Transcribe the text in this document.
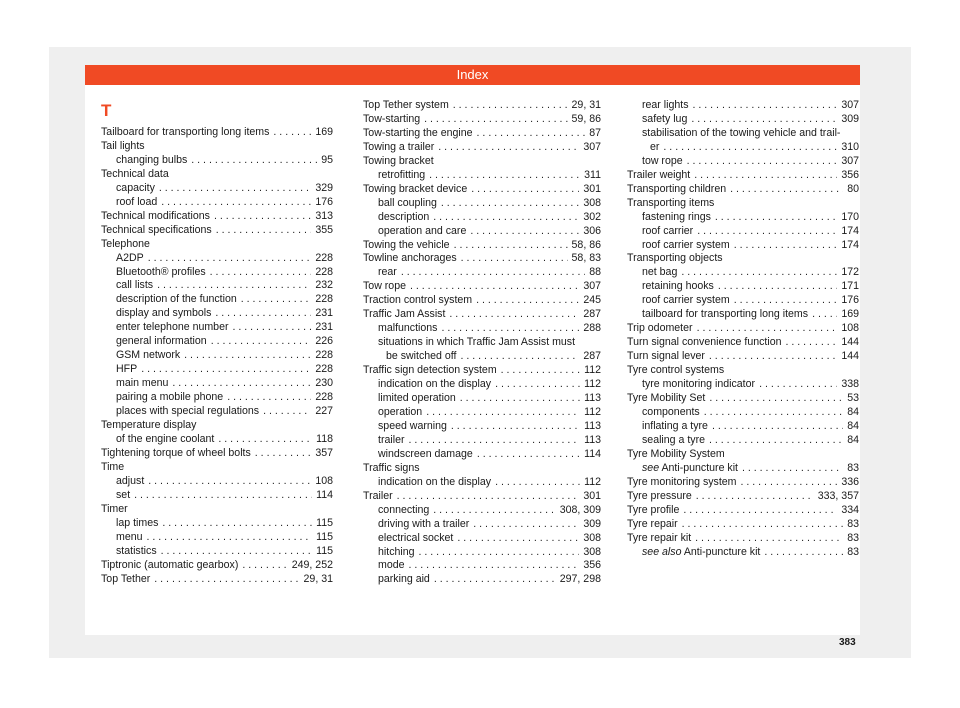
Index
T
Tailboard for transporting long items . . .	169
Tail lights
changing bulbs . . .	95
Technical data
capacity . . .	329
roof load . . .	176
Technical modifications . . .	313
Technical specifications . . .	355
Telephone
A2DP . . .	228
Bluetooth® profiles . . .	228
call lists . . .	232
description of the function . . .	228
display and symbols . . .	231
enter telephone number . . .	231
general information . . .	226
GSM network . . .	228
HFP . . .	228
main menu . . .	230
pairing a mobile phone . . .	228
places with special regulations . . .	227
Temperature display
of the engine coolant . . .	118
Tightening torque of wheel bolts . . .	357
Time
adjust . . .	108
set . . .	114
Timer
lap times . . .	115
menu . . .	115
statistics . . .	115
Tiptronic (automatic gearbox) . . .	249, 252
Top Tether . . .	29, 31
Top Tether system . . .	29, 31
Tow-starting . . .	59, 86
Tow-starting the engine . . .	87
Towing a trailer . . .	307
Towing bracket
retrofitting . . .	311
Towing bracket device . . .	301
ball coupling . . .	308
description . . .	302
operation and care . . .	306
Towing the vehicle . . .	58, 86
Towline anchorages . . .	58, 83
rear . . .	88
Tow rope . . .	307
Traction control system . . .	245
Traffic Jam Assist . . .	287
malfunctions . . .	288
situations in which Traffic Jam Assist must
be switched off . . .	287
Traffic sign detection system . . .	112
indication on the display . . .	112
limited operation . . .	113
operation . . .	112
speed warning . . .	113
trailer . . .	113
windscreen damage . . .	114
Traffic signs
indication on the display . . .	112
Trailer . . .	301
connecting . . .	308, 309
driving with a trailer . . .	309
electrical socket . . .	308
hitching . . .	308
mode . . .	356
parking aid . . .	297, 298
rear lights . . .	307
safety lug . . .	309
stabilisation of the towing vehicle and trail-
er . . .	310
tow rope . . .	307
Trailer weight . . .	356
Transporting children . . .	80
Transporting items
fastening rings . . .	170
roof carrier . . .	174
roof carrier system . . .	174
Transporting objects
net bag . . .	172
retaining hooks . . .	171
roof carrier system . . .	176
tailboard for transporting long items . . .	169
Trip odometer . . .	108
Turn signal convenience function . . .	144
Turn signal lever . . .	144
Tyre control systems
tyre monitoring indicator . . .	338
Tyre Mobility Set . . .	53
components . . .	84
inflating a tyre . . .	84
sealing a tyre . . .	84
Tyre Mobility System
see Anti-puncture kit . . .	83
Tyre monitoring system . . .	336
Tyre pressure . . .	333, 357
Tyre profile . . .	334
Tyre repair . . .	83
Tyre repair kit . . .	83
see also Anti-puncture kit . . .	83
383
